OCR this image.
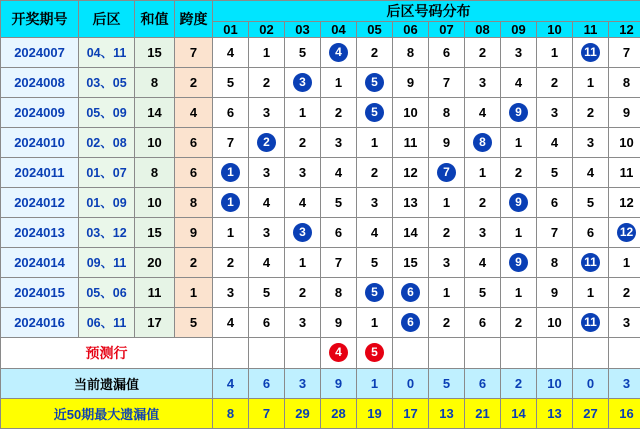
开奖期号	后区	和值	跨度	后区号码分布											
				01	02	03	04	05	06	07	08	09	10	11	12
2024007	04、11	15	7	4	1	5	4	2	8	6	2	3	1	11	7
2024008	03、05	8	2	5	2	3	1	5	9	7	3	4	2	1	8
2024009	05、09	14	4	6	3	1	2	5	10	8	4	9	3	2	9
2024010	02、08	10	6	7	2	2	3	1	11	9	8	1	4	3	10
2024011	01、07	8	6	1	3	3	4	2	12	7	1	2	5	4	11
2024012	01、09	10	8	1	4	4	5	3	13	1	2	9	6	5	12
2024013	03、12	15	9	1	3	3	6	4	14	2	3	1	7	6	12
2024014	09、11	20	2	2	4	1	7	5	15	3	4	9	8	11	1
2024015	05、06	11	1	3	5	2	8	5	6	1	5	1	9	1	2
2024016	06、11	17	5	4	6	3	9	1	6	2	6	2	10	11	3
预测行							4	5							
当前遗漏值				4	6	3	9	1	0	5	6	2	10	0	3
近50期最大遗漏值				8	7	29	28	19	17	13	21	14	13	27	16
